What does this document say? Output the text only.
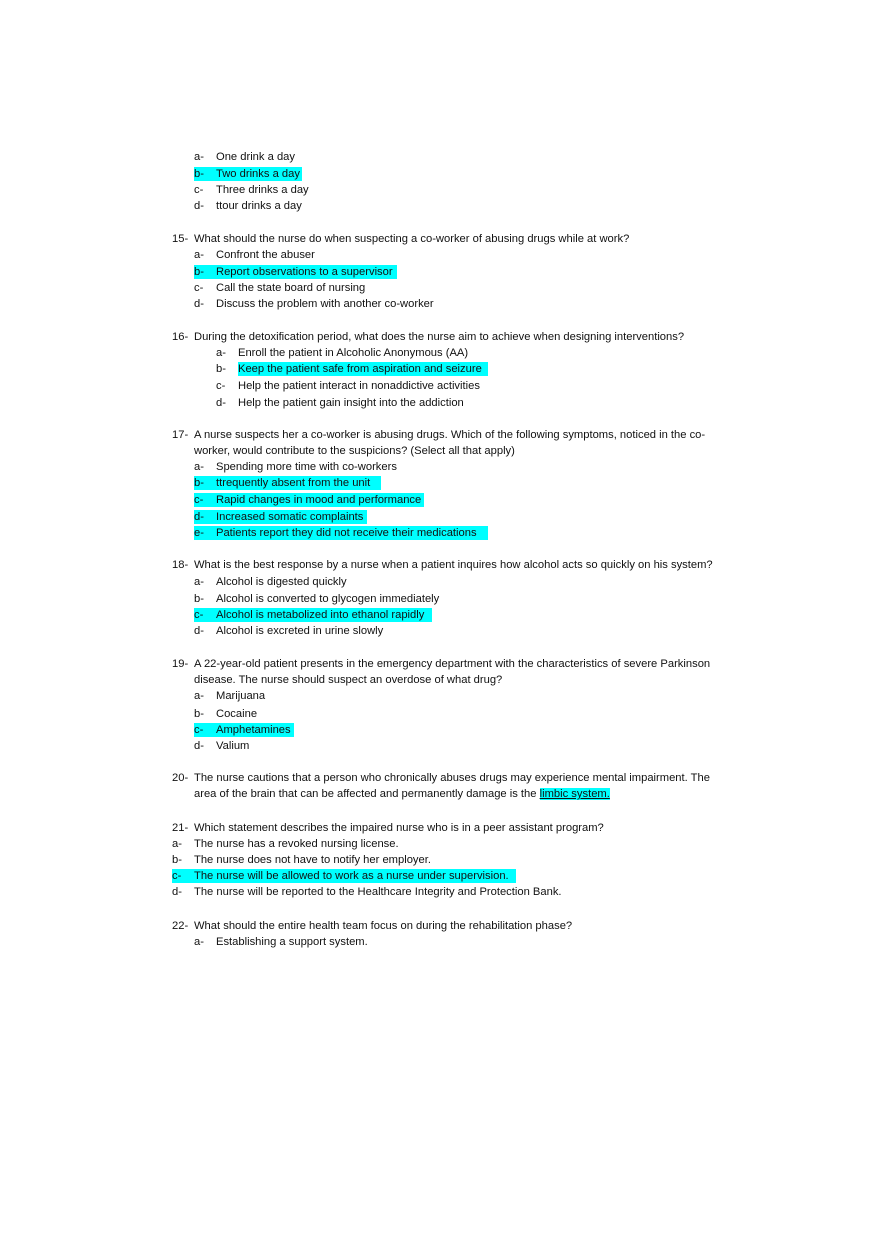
a- One drink a day
b- Two drinks a day
c- Three drinks a day
d- ttour drinks a day
15- What should the nurse do when suspecting a co-worker of abusing drugs while at work?
a- Confront the abuser
b- Report observations to a supervisor
c- Call the state board of nursing
d- Discuss the problem with another co-worker
16- During the detoxification period, what does the nurse aim to achieve when designing interventions?
a- Enroll the patient in Alcoholic Anonymous (AA)
b- Keep the patient safe from aspiration and seizure
c- Help the patient interact in nonaddictive activities
d- Help the patient gain insight into the addiction
17- A nurse suspects her a co-worker is abusing drugs. Which of the following symptoms, noticed in the co-
worker, would contribute to the suspicions? (Select all that apply)
a- Spending more time with co-workers
b- ttrequently absent from the unit
c- Rapid changes in mood and performance
d- Increased somatic complaints
e- Patients report they did not receive their medications
18- What is the best response by a nurse when a patient inquires how alcohol acts so quickly on his system?
a- Alcohol is digested quickly
b- Alcohol is converted to glycogen immediately
c- Alcohol is metabolized into ethanol rapidly
d- Alcohol is excreted in urine slowly
19- A 22-year-old patient presents in the emergency department with the characteristics of severe Parkinson
disease. The nurse should suspect an overdose of what drug?
a- Marijuana
b- Cocaine
c- Amphetamines
d- Valium
20- The nurse cautions that a person who chronically abuses drugs may experience mental impairment. The
area of the brain that can be affected and permanently damage is the limbic system.
21- Which statement describes the impaired nurse who is in a peer assistant program?
a- The nurse has a revoked nursing license.
b- The nurse does not have to notify her employer.
c- The nurse will be allowed to work as a nurse under supervision.
d- The nurse will be reported to the Healthcare Integrity and Protection Bank.
22- What should the entire health team focus on during the rehabilitation phase?
a- Establishing a support system.
